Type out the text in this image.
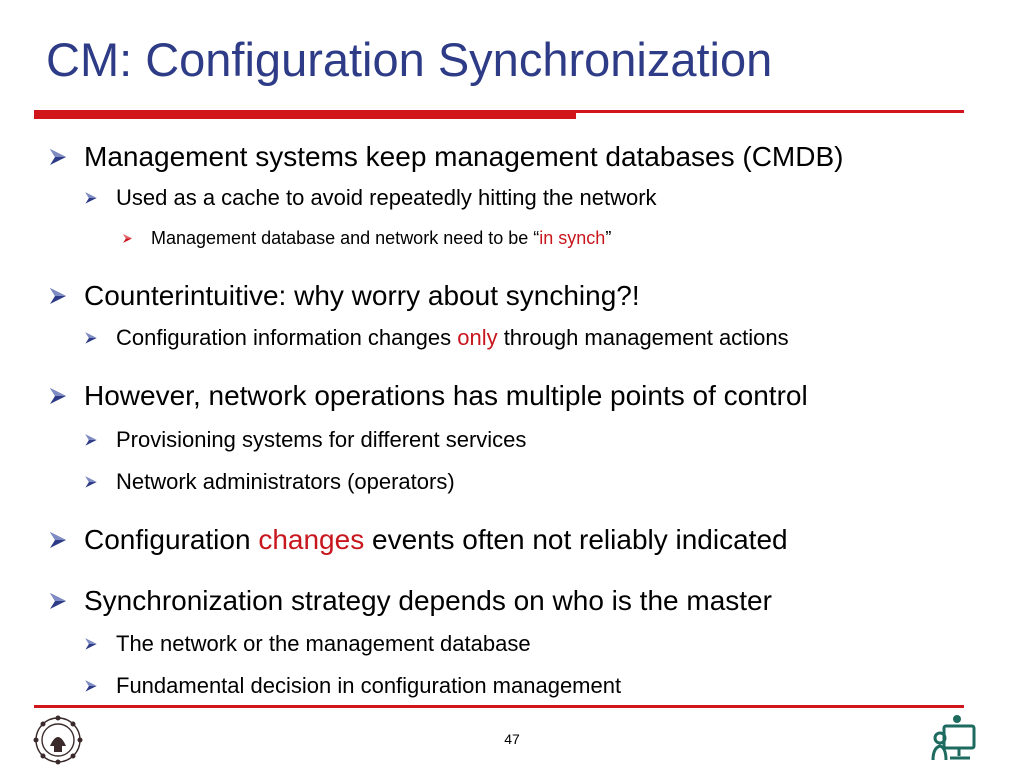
CM: Configuration Synchronization
Management systems keep management databases (CMDB)
Used as a cache to avoid repeatedly hitting the network
Management database and network need to be “in synch”
Counterintuitive: why worry about synching?!
Configuration information changes only through management actions
However, network operations has multiple points of control
Provisioning systems for different services
Network administrators (operators)
Configuration changes events often not reliably indicated
Synchronization strategy depends on who is the master
The network or the management database
Fundamental decision in configuration management
47
